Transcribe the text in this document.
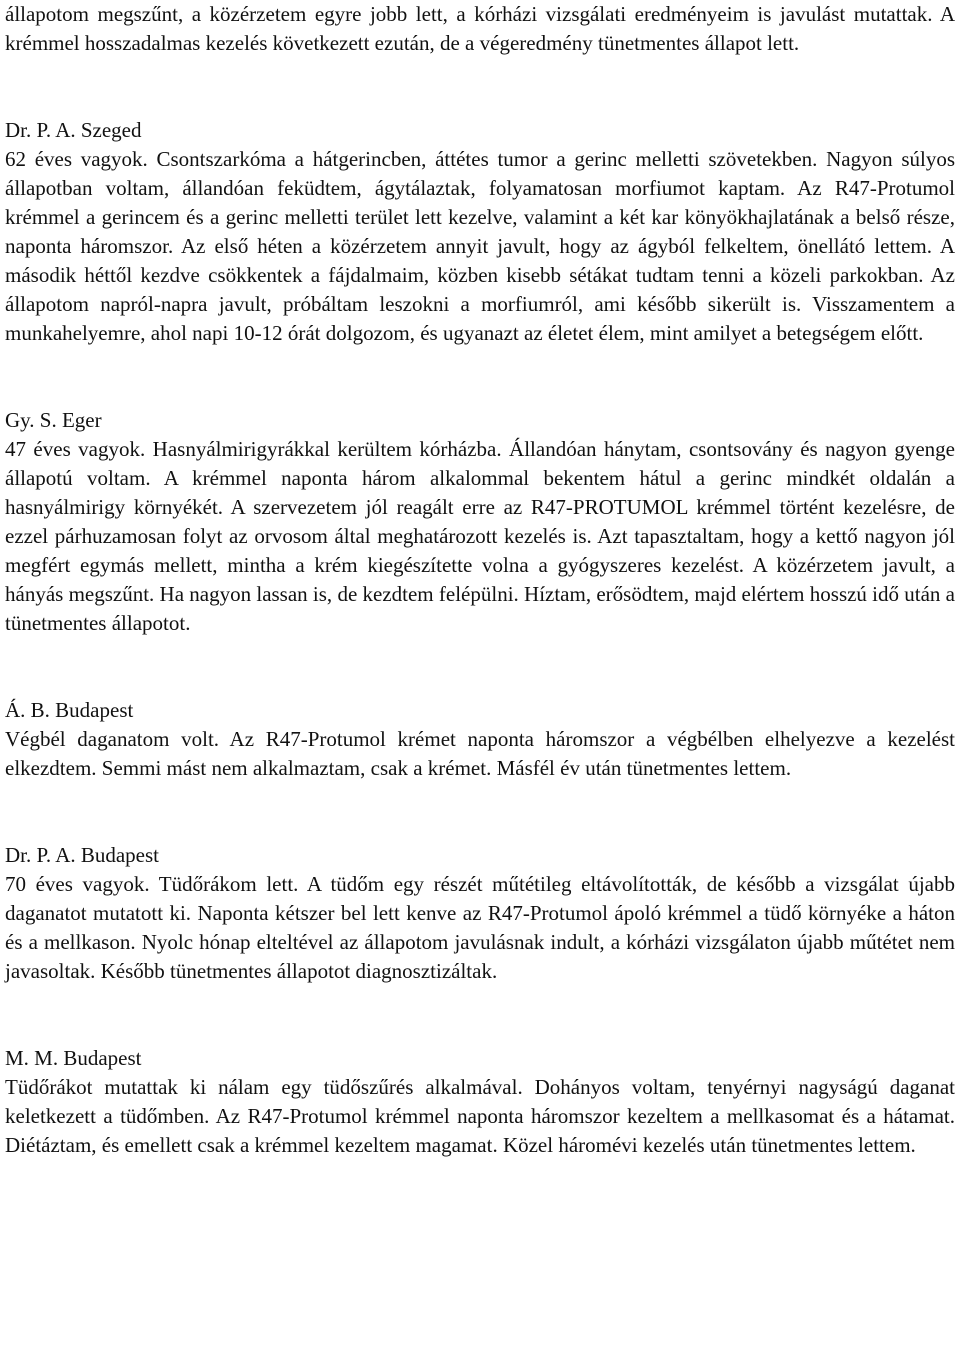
állapotom megszűnt, a közérzetem egyre jobb lett, a kórházi vizsgálati eredményeim is javulást mutattak. A krémmel hosszadalmas kezelés következett ezután, de a végeredmény tünetmentes állapot lett.

Dr. P. A. Szeged

62 éves vagyok. Csontszarkóma a hátgerincben, áttétes tumor a gerinc melletti szövetekben. Nagyon súlyos állapotban voltam, állandóan feküdtem, ágytálaztak, folyamatosan morfiumot kaptam. Az R47-Protumol krémmel a gerincem és a gerinc melletti terület lett kezelve, valamint a két kar könyökhajlatának a belső része, naponta háromszor. Az első héten a közérzetem annyit javult, hogy az ágyból felkeltem, önellátó lettem. A második héttől kezdve csökkentek a fájdalmaim, közben kisebb sétákat tudtam tenni a közeli parkokban. Az állapotom napról-napra javult, próbáltam leszokni a morfiumról, ami később sikerült is. Visszamentem a munkahelyemre, ahol napi 10-12 órát dolgozom, és ugyanazt az életet élem, mint amilyet a betegségem előtt.

Gy. S. Eger

47 éves vagyok. Hasnyálmirigyrákkal kerültem kórházba. Állandóan hánytam, csontsovány és nagyon gyenge állapotú voltam. A krémmel naponta három alkalommal bekentem hátul a gerinc mindkét oldalán a hasnyálmirigy környékét. A szervezetem jól reagált erre az R47-PROTUMOL krémmel történt kezelésre, de ezzel párhuzamosan folyt az orvosom által meghatározott kezelés is. Azt tapasztaltam, hogy a kettő nagyon jól megfért egymás mellett, mintha a krém kiegészítette volna a gyógyszeres kezelést. A közérzetem javult, a hányás megszűnt. Ha nagyon lassan is, de kezdtem felépülni. Híztam, erősödtem, majd elértem hosszú idő után a tünetmentes állapotot.

Á. B. Budapest

Végbél daganatom volt. Az R47-Protumol krémet naponta háromszor a végbélben elhelyezve a kezelést elkezdtem. Semmi mást nem alkalmaztam, csak a krémet. Másfél év után tünetmentes lettem.

Dr. P. A. Budapest

70 éves vagyok. Tüdőrákom lett. A tüdőm egy részét műtétileg eltávolították, de később a vizsgálat újabb daganatot mutatott ki. Naponta kétszer bel lett kenve az R47-Protumol ápoló krémmel a tüdő környéke a háton és a mellkason. Nyolc hónap elteltével az állapotom javulásnak indult, a kórházi vizsgálaton újabb műtétet nem javasoltak. Később tünetmentes állapotot diagnosztizáltak.

M. M. Budapest

Tüdőrákot mutattak ki nálam egy tüdőszűrés alkalmával. Dohányos voltam, tenyérnyi nagyságú daganat keletkezett a tüdőmben. Az R47-Protumol krémmel naponta háromszor kezeltem a mellkasomat és a hátamat. Diétáztam, és emellett csak a krémmel kezeltem magamat. Közel háromévi kezelés után tünetmentes lettem.
